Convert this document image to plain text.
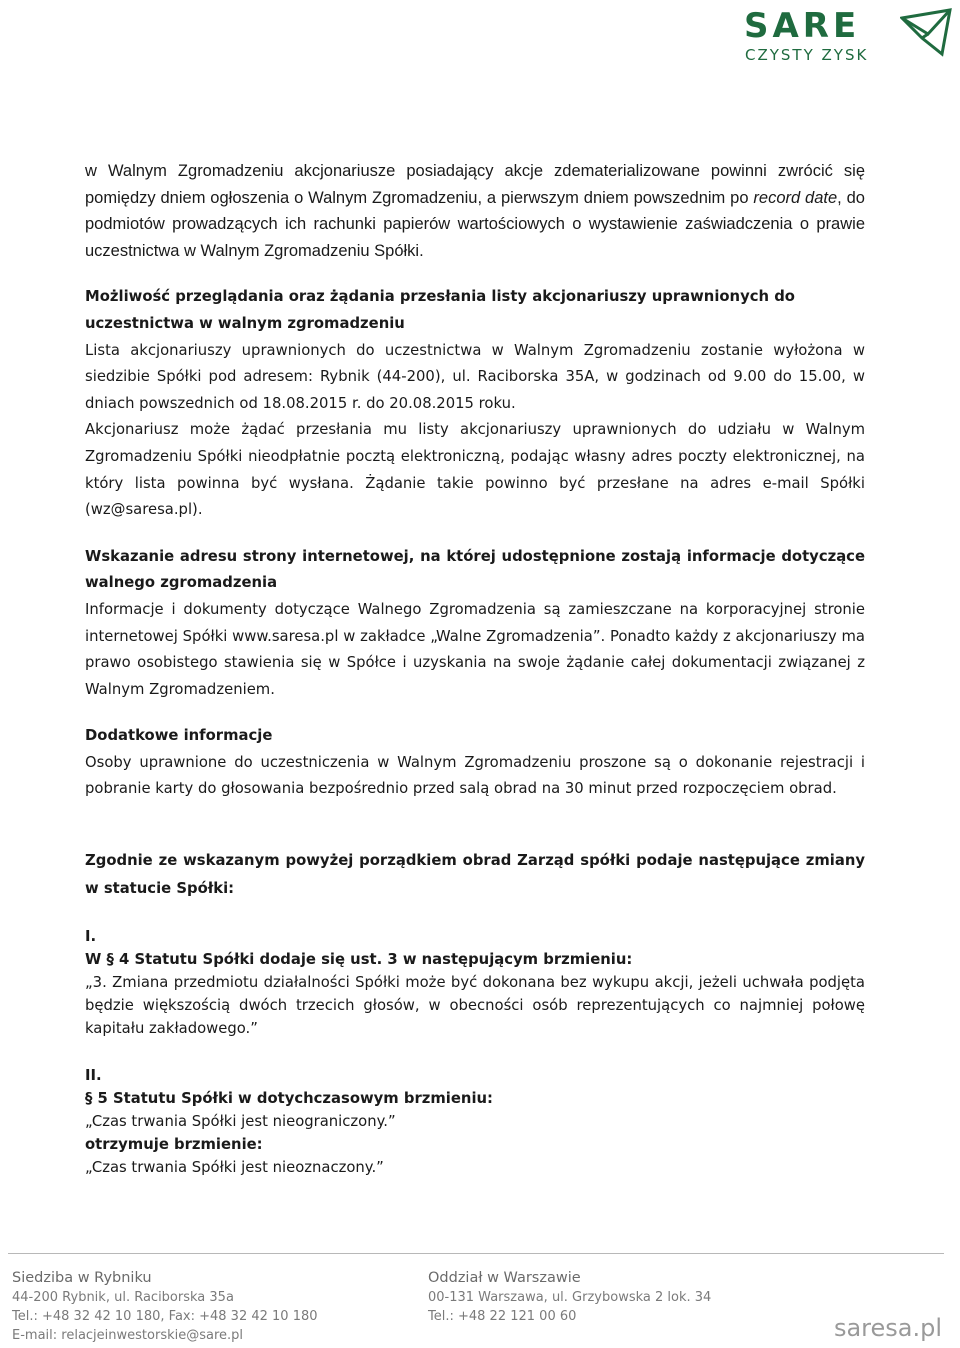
SARE
CZYSTY ZYSK

w Walnym Zgromadzeniu akcjonariusze posiadający akcje zdematerializowane powinni zwrócić się pomiędzy dniem ogłoszenia o Walnym Zgromadzeniu, a pierwszym dniem powszednim po record date, do podmiotów prowadzących ich rachunki papierów wartościowych o wystawienie zaświadczenia o prawie uczestnictwa w Walnym Zgromadzeniu Spółki.

Możliwość przeglądania oraz żądania przesłania listy akcjonariuszy uprawnionych do uczestnictwa w walnym zgromadzeniu

Lista akcjonariuszy uprawnionych do uczestnictwa w Walnym Zgromadzeniu zostanie wyłożona w siedzibie Spółki pod adresem: Rybnik (44-200), ul. Raciborska 35A, w godzinach od 9.00 do 15.00, w dniach powszednich od 18.08.2015 r. do 20.08.2015 roku.

Akcjonariusz może żądać przesłania mu listy akcjonariuszy uprawnionych do udziału w Walnym Zgromadzeniu Spółki nieodpłatnie pocztą elektroniczną, podając własny adres poczty elektronicznej, na który lista powinna być wysłana. Żądanie takie powinno być przesłane na adres e-mail Spółki (wz@saresa.pl).

Wskazanie adresu strony internetowej, na której udostępnione zostają informacje dotyczące walnego zgromadzenia

Informacje i dokumenty dotyczące Walnego Zgromadzenia są zamieszczane na korporacyjnej stronie internetowej Spółki www.saresa.pl w zakładce „Walne Zgromadzenia”. Ponadto każdy z akcjonariuszy ma prawo osobistego stawienia się w Spółce i uzyskania na swoje żądanie całej dokumentacji związanej z Walnym Zgromadzeniem.

Dodatkowe informacje

Osoby uprawnione do uczestniczenia w Walnym Zgromadzeniu proszone są o dokonanie rejestracji i pobranie karty do głosowania bezpośrednio przed salą obrad na 30 minut przed rozpoczęciem obrad.

Zgodnie ze wskazanym powyżej porządkiem obrad Zarząd spółki podaje następujące zmiany w statucie Spółki:

I.

W § 4 Statutu Spółki dodaje się ust. 3 w następującym brzmieniu:

„3. Zmiana przedmiotu działalności Spółki może być dokonana bez wykupu akcji, jeżeli uchwała podjęta będzie większością dwóch trzecich głosów, w obecności osób reprezentujących co najmniej połowę kapitału zakładowego.”

II.

§ 5 Statutu Spółki w dotychczasowym brzmieniu:

„Czas trwania Spółki jest nieograniczony.”

otrzymuje brzmienie:

„Czas trwania Spółki jest nieoznaczony.”

Siedziba w Rybniku
44-200 Rybnik, ul. Raciborska 35a
Tel.: +48 32 42 10 180, Fax: +48 32 42 10 180
E-mail: relacjeinwestorskie@sare.pl
Oddział w Warszawie
00-131 Warszawa, ul. Grzybowska 2 lok. 34
Tel.: +48 22 121 00 60	saresa.pl
